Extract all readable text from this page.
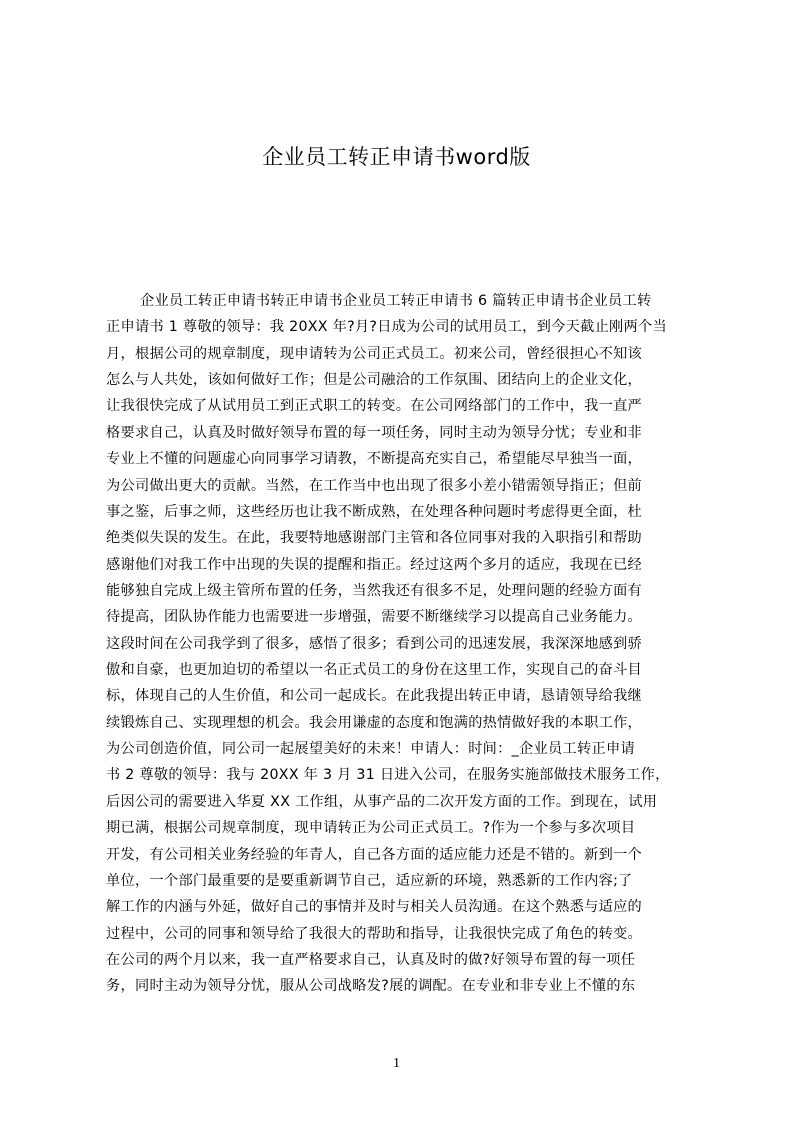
企业员工转正申请书word版
企业员工转正申请书转正申请书企业员工转正申请书 6 篇转正申请书企业员工转
正申请书 1 尊敬的领导：我 20XX 年?月?日成为公司的试用员工，到今天截止刚两个当
月，根据公司的规章制度，现申请转为公司正式员工。初来公司，曾经很担心不知该
怎么与人共处，该如何做好工作；但是公司融洽的工作氛围、团结向上的企业文化，
让我很快完成了从试用员工到正式职工的转变。在公司网络部门的工作中，我一直严
格要求自己，认真及时做好领导布置的每一项任务，同时主动为领导分忧；专业和非
专业上不懂的问题虚心向同事学习请教，不断提高充实自己，希望能尽早独当一面，
为公司做出更大的贡献。当然，在工作当中也出现了很多小差小错需领导指正；但前
事之鉴，后事之师，这些经历也让我不断成熟，在处理各种问题时考虑得更全面，杜
绝类似失误的发生。在此，我要特地感谢部门主管和各位同事对我的入职指引和帮助
感谢他们对我工作中出现的失误的提醒和指正。经过这两个多月的适应，我现在已经
能够独自完成上级主管所布置的任务，当然我还有很多不足，处理问题的经验方面有
待提高，团队协作能力也需要进一步增强，需要不断继续学习以提高自己业务能力。
这段时间在公司我学到了很多，感悟了很多；看到公司的迅速发展，我深深地感到骄
傲和自豪，也更加迫切的希望以一名正式员工的身份在这里工作，实现自己的奋斗目
标，体现自己的人生价值，和公司一起成长。在此我提出转正申请，恳请领导给我继
续锻炼自己、实现理想的机会。我会用谦虚的态度和饱满的热情做好我的本职工作，
为公司创造价值，同公司一起展望美好的未来！申请人：时间：_企业员工转正申请
书 2 尊敬的领导：我与 20XX 年 3 月 31 日进入公司，在服务实施部做技术服务工作，
后因公司的需要进入华夏 XX 工作组，从事产品的二次开发方面的工作。到现在，试用
期已满，根据公司规章制度，现申请转正为公司正式员工。?作为一个参与多次项目
开发，有公司相关业务经验的年青人，自己各方面的适应能力还是不错的。新到一个
单位，一个部门最重要的是要重新调节自己，适应新的环境，熟悉新的工作内容;了
解工作的内涵与外延，做好自己的事情并及时与相关人员沟通。在这个熟悉与适应的
过程中，公司的同事和领导给了我很大的帮助和指导，让我很快完成了角色的转变。
在公司的两个月以来，我一直严格要求自己，认真及时的做?好领导布置的每一项任
务，同时主动为领导分忧，服从公司战略发?展的调配。在专业和非专业上不懂的东
1
